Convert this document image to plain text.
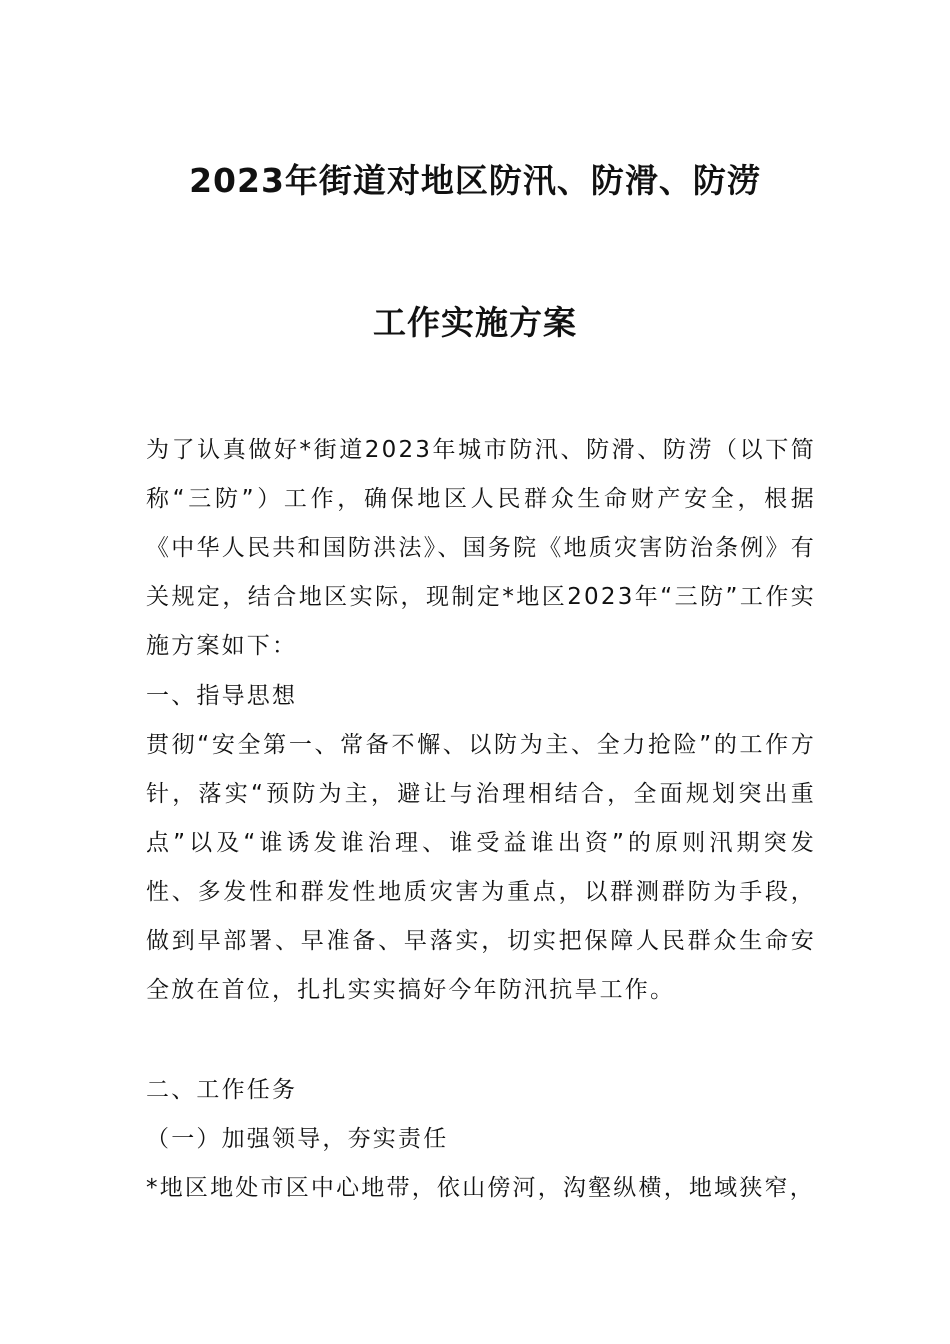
2023年街道对地区防汛、防滑、防涝
工作实施方案
为了认真做好*街道2023年城市防汛、防滑、防涝（以下简称“三防”）工作，确保地区人民群众生命财产安全，根据《中华人民共和国防洪法》、国务院《地质灾害防治条例》有关规定，结合地区实际，现制定*地区2023年“三防”工作实施方案如下：
一、指导思想
贯彻“安全第一、常备不懈、以防为主、全力抢险”的工作方针，落实“预防为主，避让与治理相结合，全面规划突出重点”以及“谁诱发谁治理、谁受益谁出资”的原则汛期突发性、多发性和群发性地质灾害为重点，以群测群防为手段，做到早部署、早准备、早落实，切实把保障人民群众生命安全放在首位，扎扎实实搞好今年防汛抗旱工作。
二、工作任务
（一）加强领导，夯实责任
*地区地处市区中心地带，依山傍河，沟壑纵横，地域狭窄，
